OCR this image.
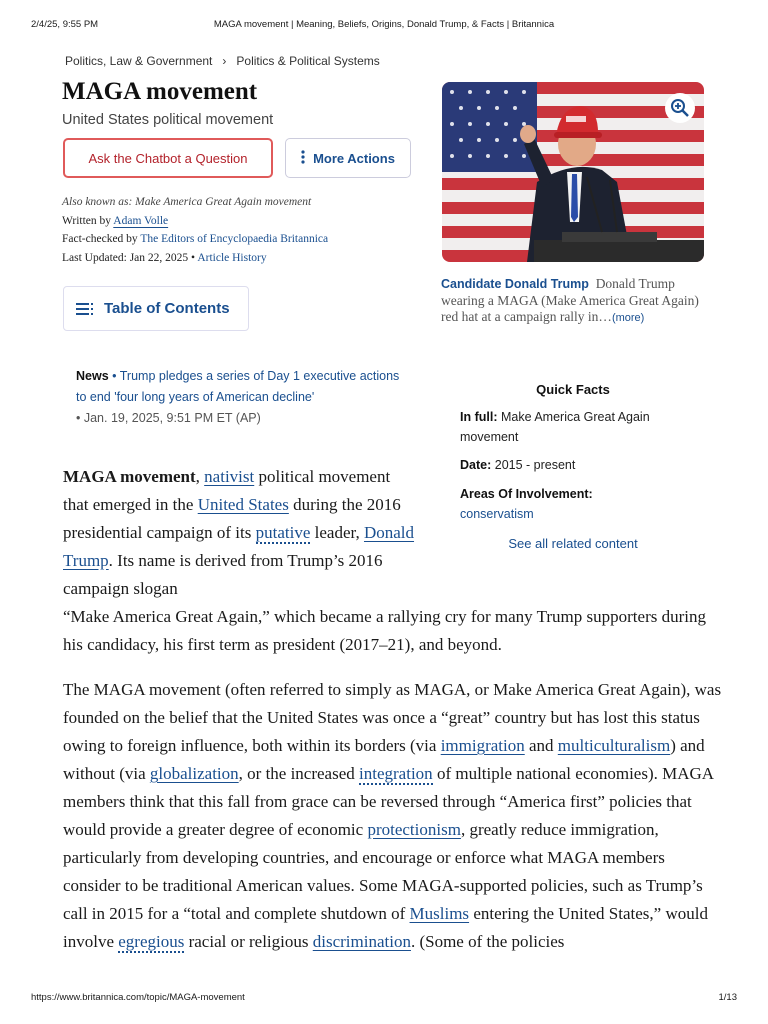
2/4/25, 9:55 PM	MAGA movement | Meaning, Beliefs, Origins, Donald Trump, & Facts | Britannica
Politics, Law & Government › Politics & Political Systems
MAGA movement
United States political movement
Ask the Chatbot a Question	More Actions
Also known as: Make America Great Again movement
Written by Adam Volle
Fact-checked by The Editors of Encyclopaedia Britannica
Last Updated: Jan 22, 2025 • Article History
Table of Contents
News • Trump pledges a series of Day 1 executive actions to end 'four long years of American decline'
• Jan. 19, 2025, 9:51 PM ET (AP)
Candidate Donald Trump Donald Trump wearing a MAGA (Make America Great Again) red hat at a campaign rally in…(more)
Quick Facts
In full: Make America Great Again movement
Date: 2015 - present
Areas Of Involvement:
conservatism
See all related content
MAGA movement, nativist political movement that emerged in the United States during the 2016 presidential campaign of its putative leader, Donald Trump. Its name is derived from Trump’s 2016 campaign slogan
“Make America Great Again,” which became a rallying cry for many Trump supporters during his candidacy, his first term as president (2017–21), and beyond.
The MAGA movement (often referred to simply as MAGA, or Make America Great Again), was founded on the belief that the United States was once a “great” country but has lost this status owing to foreign influence, both within its borders (via immigration and multiculturalism) and without (via globalization, or the increased integration of multiple national economies). MAGA members think that this fall from grace can be reversed through “America first” policies that would provide a greater degree of economic protectionism, greatly reduce immigration, particularly from developing countries, and encourage or enforce what MAGA members consider to be traditional American values. Some MAGA-supported policies, such as Trump’s call in 2015 for a “total and complete shutdown of Muslims entering the United States,” would involve egregious racial or religious discrimination. (Some of the policies
https://www.britannica.com/topic/MAGA-movement	1/13
